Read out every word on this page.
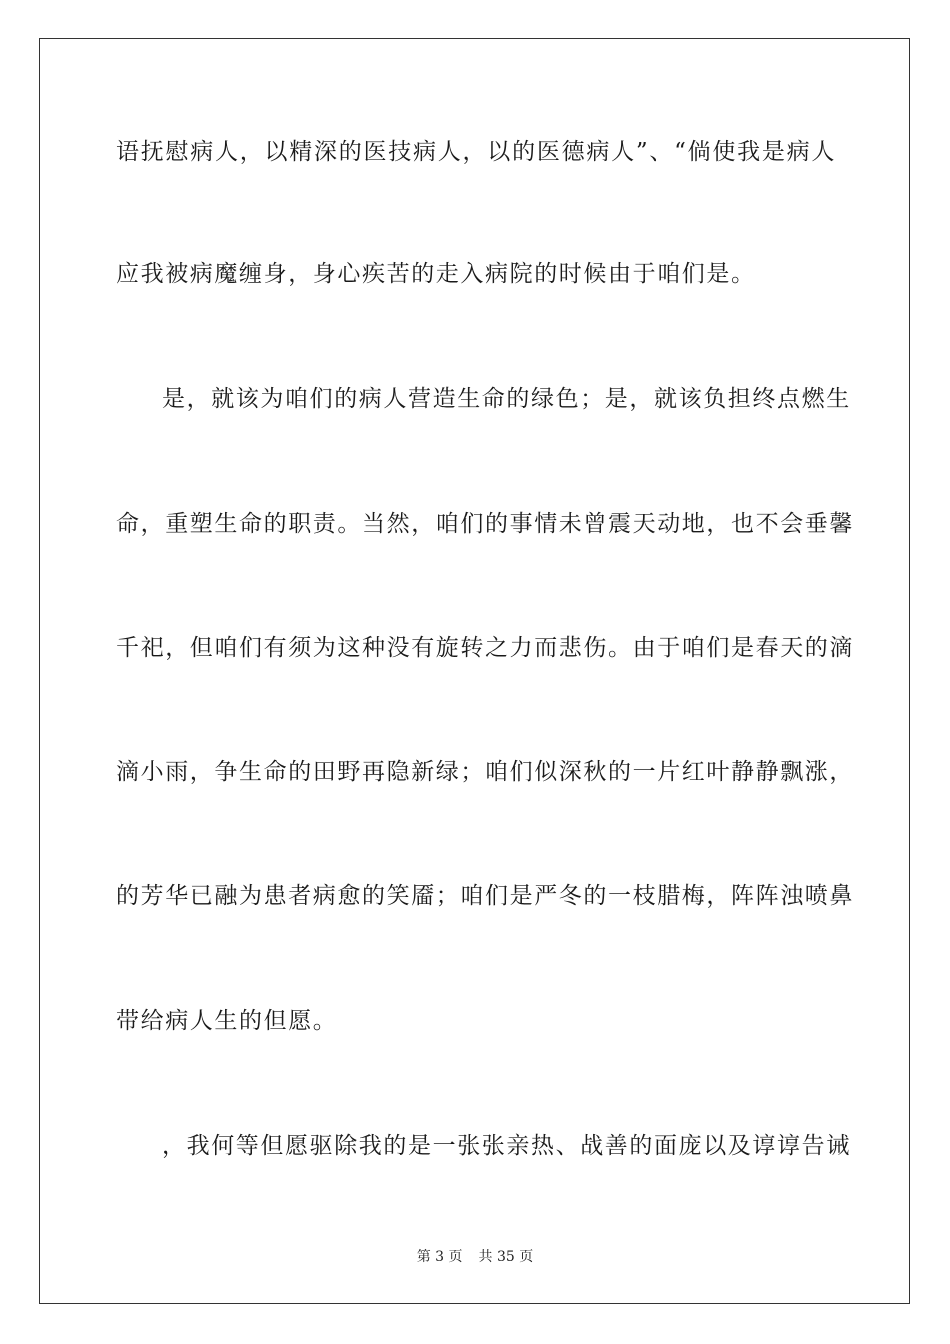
语抚慰病人，以精深的医技病人，以的医德病人”、“倘使我是病人
应我被病魔缠身，身心疾苦的走入病院的时候由于咱们是。
是，就该为咱们的病人营造生命的绿色；是，就该负担终点燃生
命，重塑生命的职责。当然，咱们的事情未曾震天动地，也不会垂馨
千祀，但咱们有须为这种没有旋转之力而悲伤。由于咱们是春天的滴
滴小雨，争生命的田野再隐新绿；咱们似深秋的一片红叶静静飘涨，
的芳华已融为患者病愈的笑靥；咱们是严冬的一枝腊梅，阵阵浊喷鼻
带给病人生的但愿。
，我何等但愿驱除我的是一张张亲热、战善的面庞以及谆谆告诫
第 3 页 共 35 页
